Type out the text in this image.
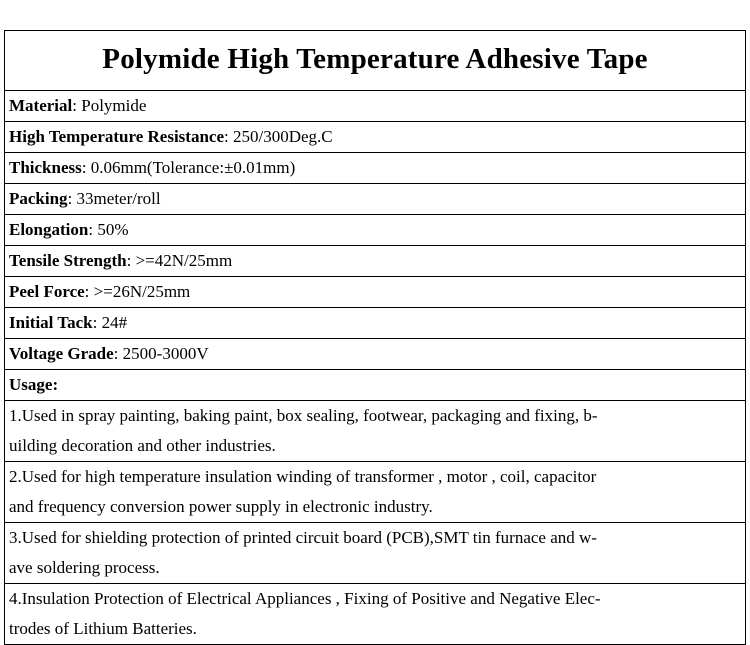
Polymide High Temperature Adhesive Tape
Material: Polymide
High Temperature Resistance: 250/300Deg.C
Thickness: 0.06mm(Tolerance:±0.01mm)
Packing: 33meter/roll
Elongation: 50%
Tensile Strength: >=42N/25mm
Peel Force: >=26N/25mm
Initial Tack: 24#
Voltage Grade: 2500-3000V
Usage:

1.Used in spray painting, baking paint, box sealing, footwear, packaging and fixing, b-
uilding decoration and other industries.

2.Used for high temperature insulation winding of transformer , motor , coil, capacitor
and frequency conversion power supply in electronic industry.

3.Used for shielding protection of printed circuit board (PCB),SMT tin furnace and w-
ave soldering process.

4.Insulation Protection of Electrical Appliances , Fixing of Positive and Negative Elec-
trodes of Lithium Batteries.
